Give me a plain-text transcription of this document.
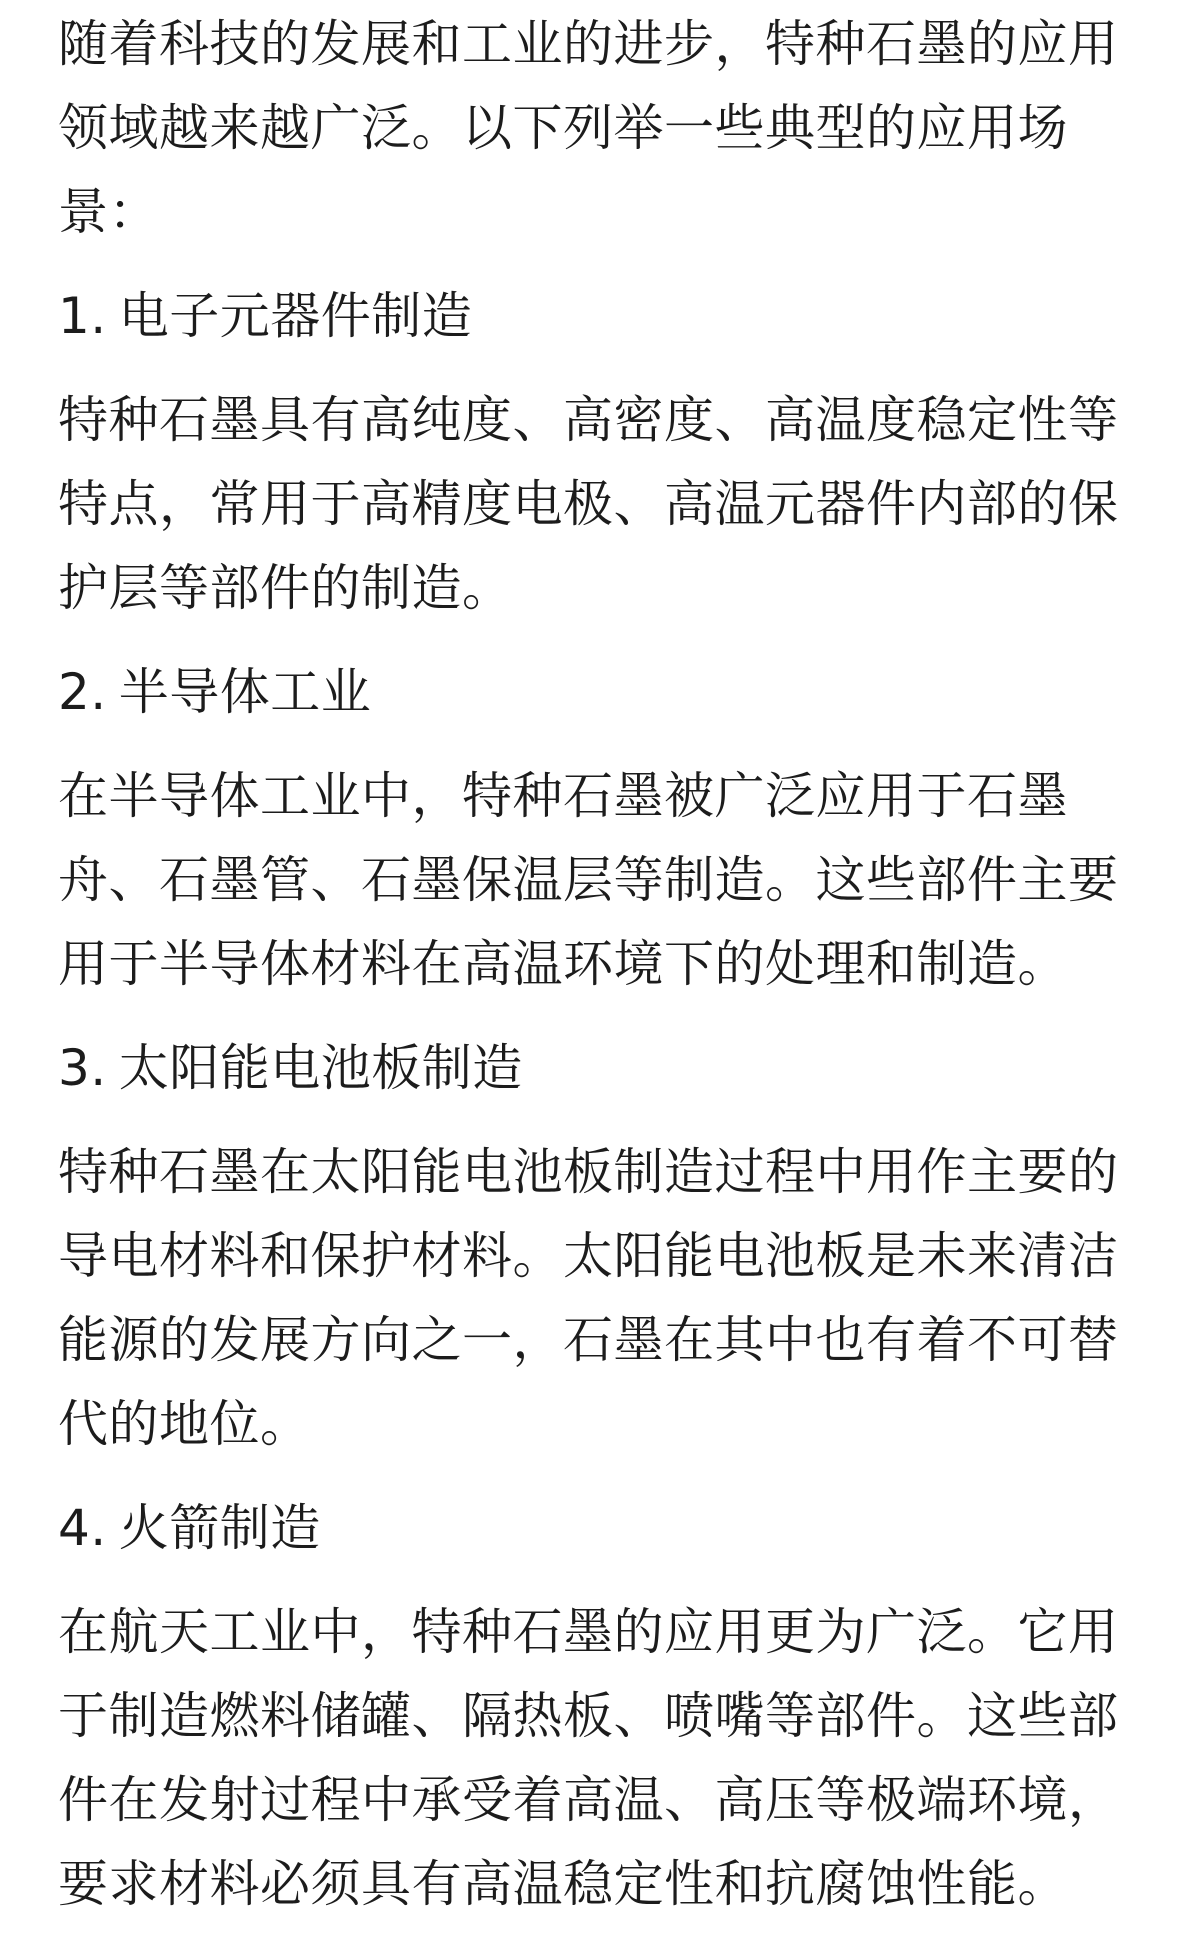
随着科技的发展和工业的进步，特种石墨的应用领域越来越广泛。以下列举一些典型的应用场景：

1. 电子元器件制造

特种石墨具有高纯度、高密度、高温度稳定性等特点，常用于高精度电极、高温元器件内部的保护层等部件的制造。

2. 半导体工业

在半导体工业中，特种石墨被广泛应用于石墨舟、石墨管、石墨保温层等制造。这些部件主要用于半导体材料在高温环境下的处理和制造。

3. 太阳能电池板制造

特种石墨在太阳能电池板制造过程中用作主要的导电材料和保护材料。太阳能电池板是未来清洁能源的发展方向之一，石墨在其中也有着不可替代的地位。

4. 火箭制造

在航天工业中，特种石墨的应用更为广泛。它用于制造燃料储罐、隔热板、喷嘴等部件。这些部件在发射过程中承受着高温、高压等极端环境，要求材料必须具有高温稳定性和抗腐蚀性能。
